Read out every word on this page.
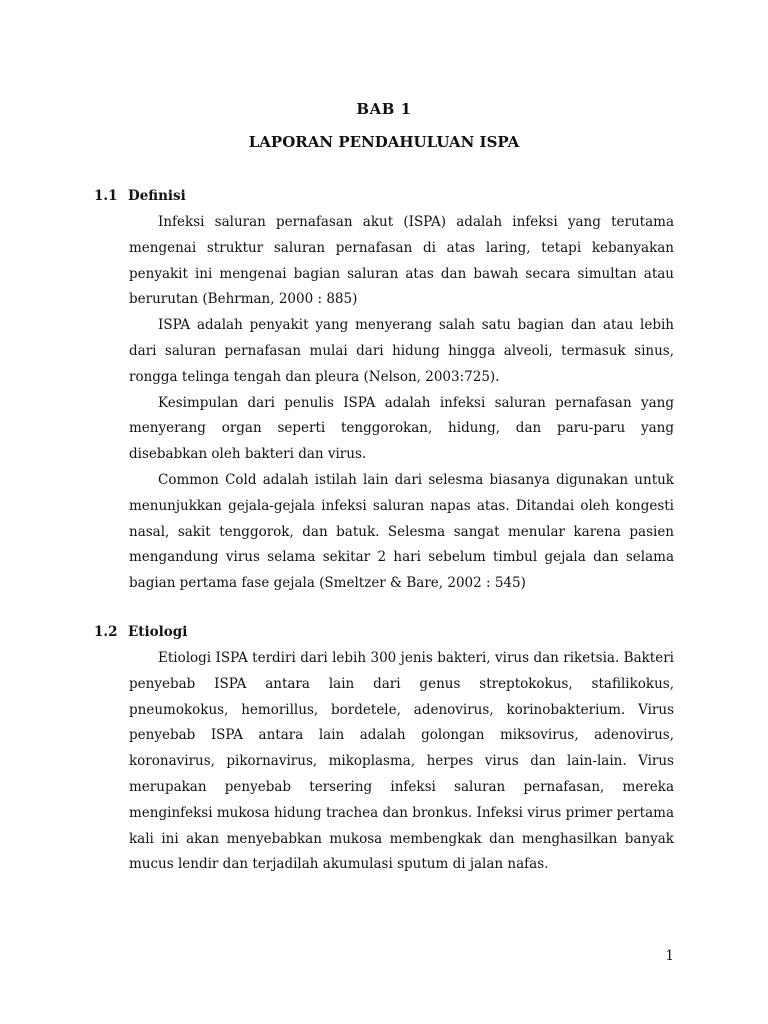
BAB 1
LAPORAN PENDAHULUAN ISPA
1.1 Definisi

Infeksi saluran pernafasan akut (ISPA) adalah infeksi yang terutama mengenai struktur saluran pernafasan di atas laring, tetapi kebanyakan penyakit ini mengenai bagian saluran atas dan bawah secara simultan atau berurutan (Behrman, 2000 : 885)

ISPA adalah penyakit yang menyerang salah satu bagian dan atau lebih dari saluran pernafasan mulai dari hidung hingga alveoli, termasuk sinus, rongga telinga tengah dan pleura (Nelson, 2003:725).

Kesimpulan dari penulis ISPA adalah infeksi saluran pernafasan yang menyerang organ seperti tenggorokan, hidung, dan paru-paru yang disebabkan oleh bakteri dan virus.

Common Cold adalah istilah lain dari selesma biasanya digunakan untuk menunjukkan gejala-gejala infeksi saluran napas atas. Ditandai oleh kongesti nasal, sakit tenggorok, dan batuk. Selesma sangat menular karena pasien mengandung virus selama sekitar 2 hari sebelum timbul gejala dan selama bagian pertama fase gejala (Smeltzer & Bare, 2002 : 545)

1.2 Etiologi

Etiologi ISPA terdiri dari lebih 300 jenis bakteri, virus dan riketsia. Bakteri penyebab ISPA antara lain dari genus streptokokus, stafilikokus, pneumokokus, hemorillus, bordetele, adenovirus, korinobakterium. Virus penyebab ISPA antara lain adalah golongan miksovirus, adenovirus, koronavirus, pikornavirus, mikoplasma, herpes virus dan lain-lain. Virus merupakan penyebab tersering infeksi saluran pernafasan, mereka menginfeksi mukosa hidung trachea dan bronkus. Infeksi virus primer pertama kali ini akan menyebabkan mukosa membengkak dan menghasilkan banyak mucus lendir dan terjadilah akumulasi sputum di jalan nafas.

1
